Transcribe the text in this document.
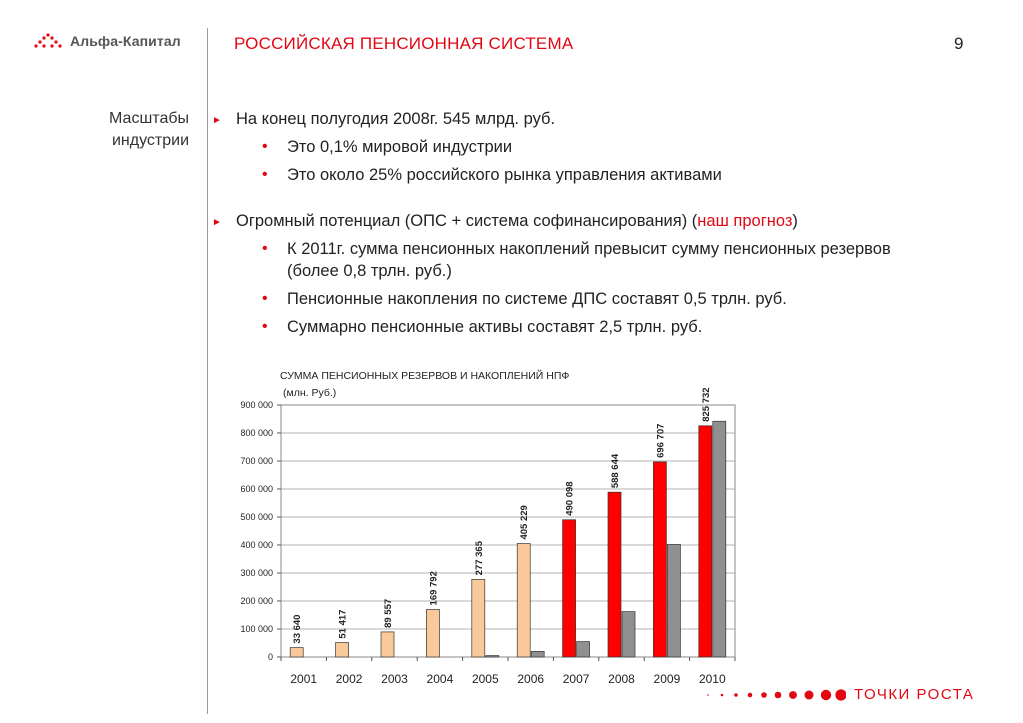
Альфа-Капитал	РОССИЙСКАЯ ПЕНСИОННАЯ СИСТЕМА	9
Масштабы
индустрии
► На конец полугодия 2008г. 545 млрд. руб.
• Это 0,1% мировой индустрии
• Это около 25% российского рынка управления активами
► Огромный потенциал (ОПС + система софинансирования) (наш прогноз)
• К 2011г. сумма пенсионных накоплений превысит сумму пенсионных резервов (более 0,8 трлн. руб.)
• Пенсионные накопления по системе ДПС составят 0,5 трлн. руб.
• Суммарно пенсионные активы составят 2,5 трлн. руб.
СУММА ПЕНСИОННЫХ РЕЗЕРВОВ И НАКОПЛЕНИЙ НПФ
(млн. Руб.)
0
100 000
200 000
300 000
400 000
500 000
600 000
700 000
800 000
900 000
2001 2002 2003 2004 2005 2006 2007 2008 2009 2010
33 640	51 417	89 557
169 792
277 365
405 229
490 098
588 644
696 707
825 732
ТОЧКИ РОСТА
